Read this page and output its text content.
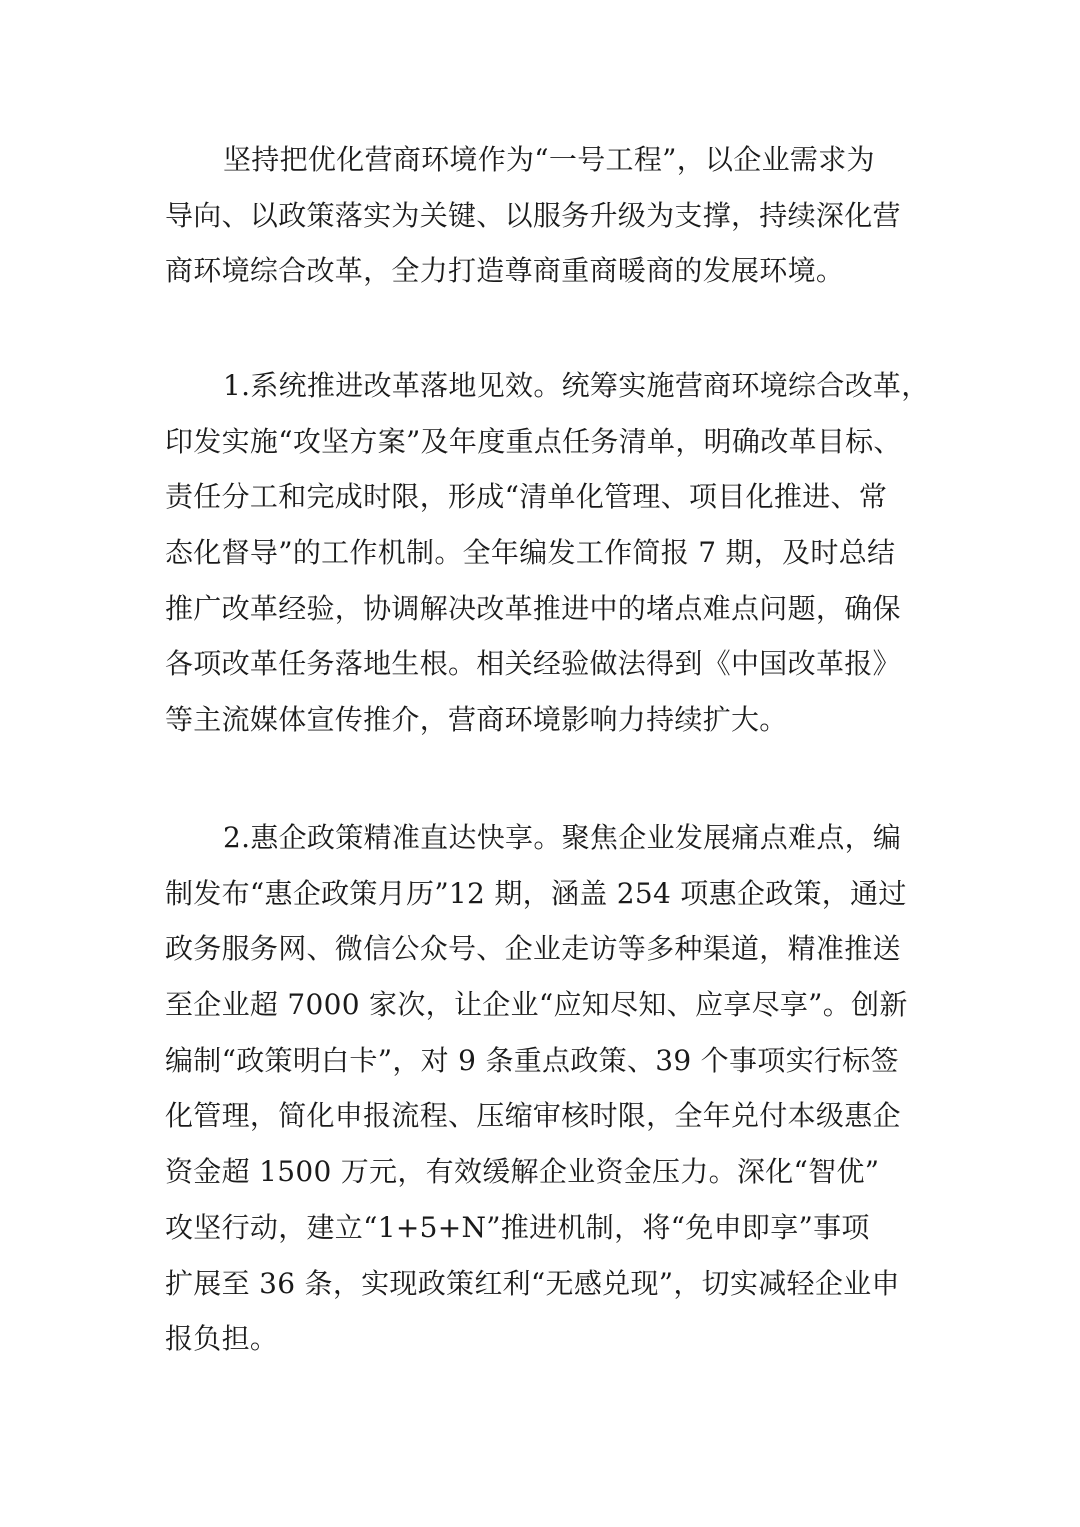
坚持把优化营商环境作为“一号工程”，以企业需求为
导向、以政策落实为关键、以服务升级为支撑，持续深化营
商环境综合改革，全力打造尊商重商暖商的发展环境。
1.系统推进改革落地见效。统筹实施营商环境综合改革，
印发实施“攻坚方案”及年度重点任务清单，明确改革目标、
责任分工和完成时限，形成“清单化管理、项目化推进、常
态化督导”的工作机制。全年编发工作简报 7 期，及时总结
推广改革经验，协调解决改革推进中的堵点难点问题，确保
各项改革任务落地生根。相关经验做法得到《中国改革报》
等主流媒体宣传推介，营商环境影响力持续扩大。
2.惠企政策精准直达快享。聚焦企业发展痛点难点，编
制发布“惠企政策月历”12 期，涵盖 254 项惠企政策，通过
政务服务网、微信公众号、企业走访等多种渠道，精准推送
至企业超 7000 家次，让企业“应知尽知、应享尽享”。创新
编制“政策明白卡”，对 9 条重点政策、39 个事项实行标签
化管理，简化申报流程、压缩审核时限，全年兑付本级惠企
资金超 1500 万元，有效缓解企业资金压力。深化“智优”
攻坚行动，建立“1+5+N”推进机制，将“免申即享”事项
扩展至 36 条，实现政策红利“无感兑现”，切实减轻企业申
报负担。
